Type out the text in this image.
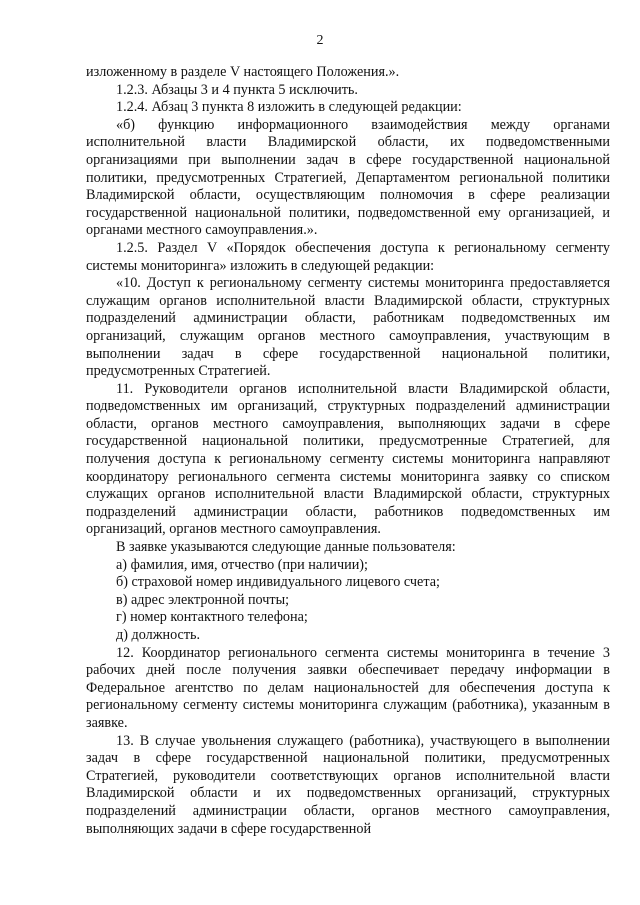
2

изложенному в разделе V настоящего Положения.».

1.2.3. Абзацы 3 и 4 пункта 5 исключить.

1.2.4. Абзац 3 пункта 8 изложить в следующей редакции:

«б) функцию информационного взаимодействия между органами исполнительной власти Владимирской области, их подведомственными организациями при выполнении задач в сфере государственной национальной политики, предусмотренных Стратегией, Департаментом региональной политики Владимирской области, осуществляющим полномочия в сфере реализации государственной национальной политики, подведомственной ему организацией, и органами местного самоуправления.».

1.2.5. Раздел V «Порядок обеспечения доступа к региональному сегменту системы мониторинга» изложить в следующей редакции:

«10. Доступ к региональному сегменту системы мониторинга предоставляется служащим органов исполнительной власти Владимирской области, структурных подразделений администрации области, работникам подведомственных им организаций, служащим органов местного самоуправления, участвующим в выполнении задач в сфере государственной национальной политики, предусмотренных Стратегией.

11. Руководители органов исполнительной власти Владимирской области, подведомственных им организаций, структурных подразделений администрации области, органов местного самоуправления, выполняющих задачи в сфере государственной национальной политики, предусмотренные Стратегией, для получения доступа к региональному сегменту системы мониторинга направляют координатору регионального сегмента системы мониторинга заявку со списком служащих органов исполнительной власти Владимирской области, структурных подразделений администрации области, работников подведомственных им организаций, органов местного самоуправления.

В заявке указываются следующие данные пользователя:

а) фамилия, имя, отчество (при наличии);

б) страховой номер индивидуального лицевого счета;

в) адрес электронной почты;

г) номер контактного телефона;

д) должность.

12. Координатор регионального сегмента системы мониторинга в течение 3 рабочих дней после получения заявки обеспечивает передачу информации в Федеральное агентство по делам национальностей для обеспечения доступа к региональному сегменту системы мониторинга служащим (работника), указанным в заявке.

13. В случае увольнения служащего (работника), участвующего в выполнении задач в сфере государственной национальной политики, предусмотренных Стратегией, руководители соответствующих органов исполнительной власти Владимирской области и их подведомственных организаций, структурных подразделений администрации области, органов местного самоуправления, выполняющих задачи в сфере государственной
